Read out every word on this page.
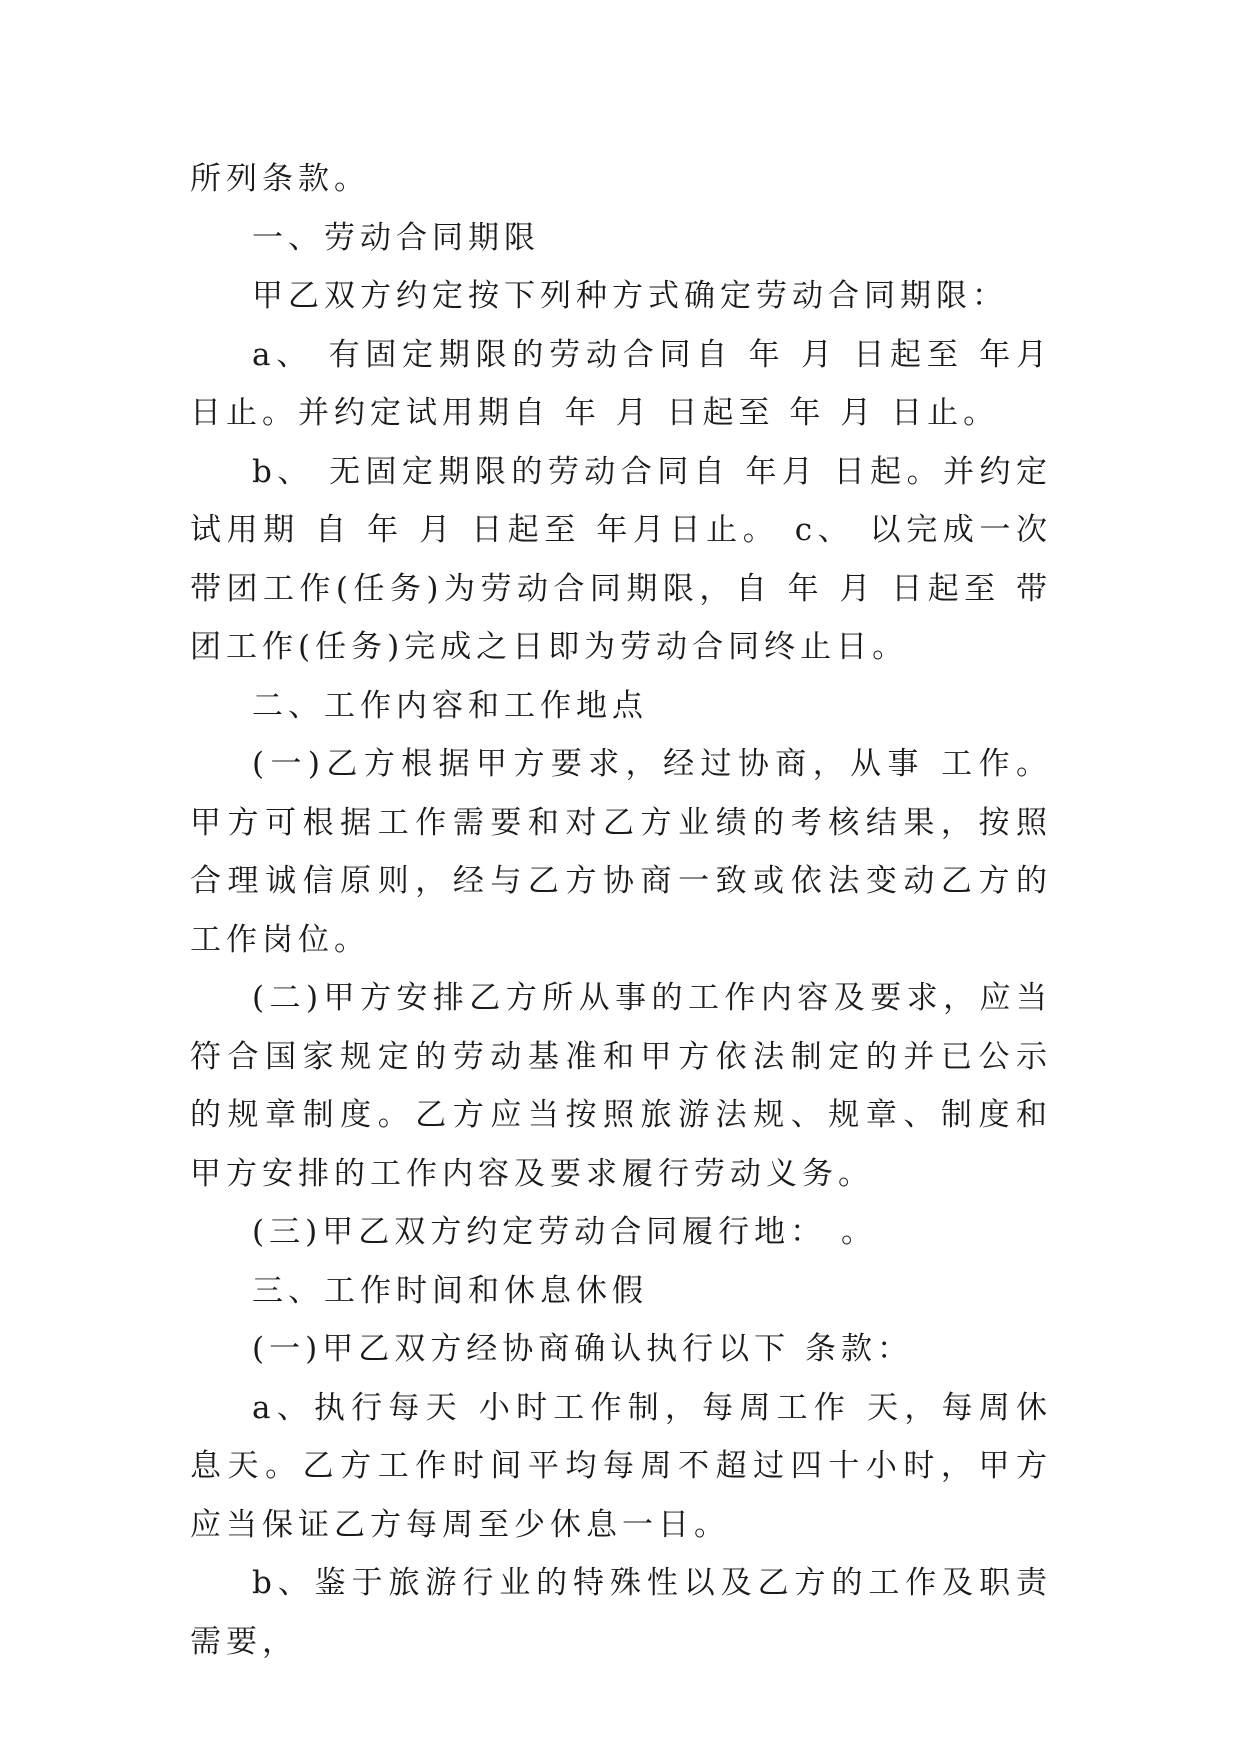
所列条款。

一、劳动合同期限

甲乙双方约定按下列种方式确定劳动合同期限：

a、 有固定期限的劳动合同自 年 月 日起至 年月日止。并约定试用期自 年 月 日起至 年 月 日止。

b、 无固定期限的劳动合同自 年月 日起。并约定试用期 自 年 月 日起至 年月日止。 c、 以完成一次带团工作(任务)为劳动合同期限，自 年 月 日起至 带团工作(任务)完成之日即为劳动合同终止日。

二、工作内容和工作地点

(一)乙方根据甲方要求，经过协商，从事 工作。甲方可根据工作需要和对乙方业绩的考核结果，按照合理诚信原则，经与乙方协商一致或依法变动乙方的工作岗位。

(二)甲方安排乙方所从事的工作内容及要求，应当符合国家规定的劳动基准和甲方依法制定的并已公示的规章制度。乙方应当按照旅游法规、规章、制度和甲方安排的工作内容及要求履行劳动义务。

(三)甲乙双方约定劳动合同履行地： 。

三、工作时间和休息休假

(一)甲乙双方经协商确认执行以下 条款：

a、执行每天 小时工作制，每周工作 天，每周休息天。乙方工作时间平均每周不超过四十小时，甲方应当保证乙方每周至少休息一日。

b、鉴于旅游行业的特殊性以及乙方的工作及职责需要，
